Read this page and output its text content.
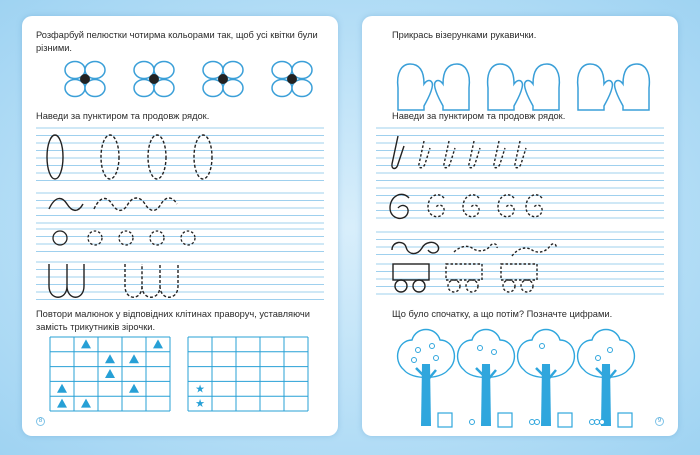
Розфарбуй пелюстки чотирма кольорами так, щоб усі квітки були різними.
Наведи за пунктиром та продовж рядок.
Повтори малюнок у відповідних клітинах праворуч, уставляючи замість трикутників зірочки.
★
★
8
Прикрась візерунками рукавички.
Наведи за пунктиром та продовж рядок.
Що було спочатку, а що потім? Позначте цифрами.
9
